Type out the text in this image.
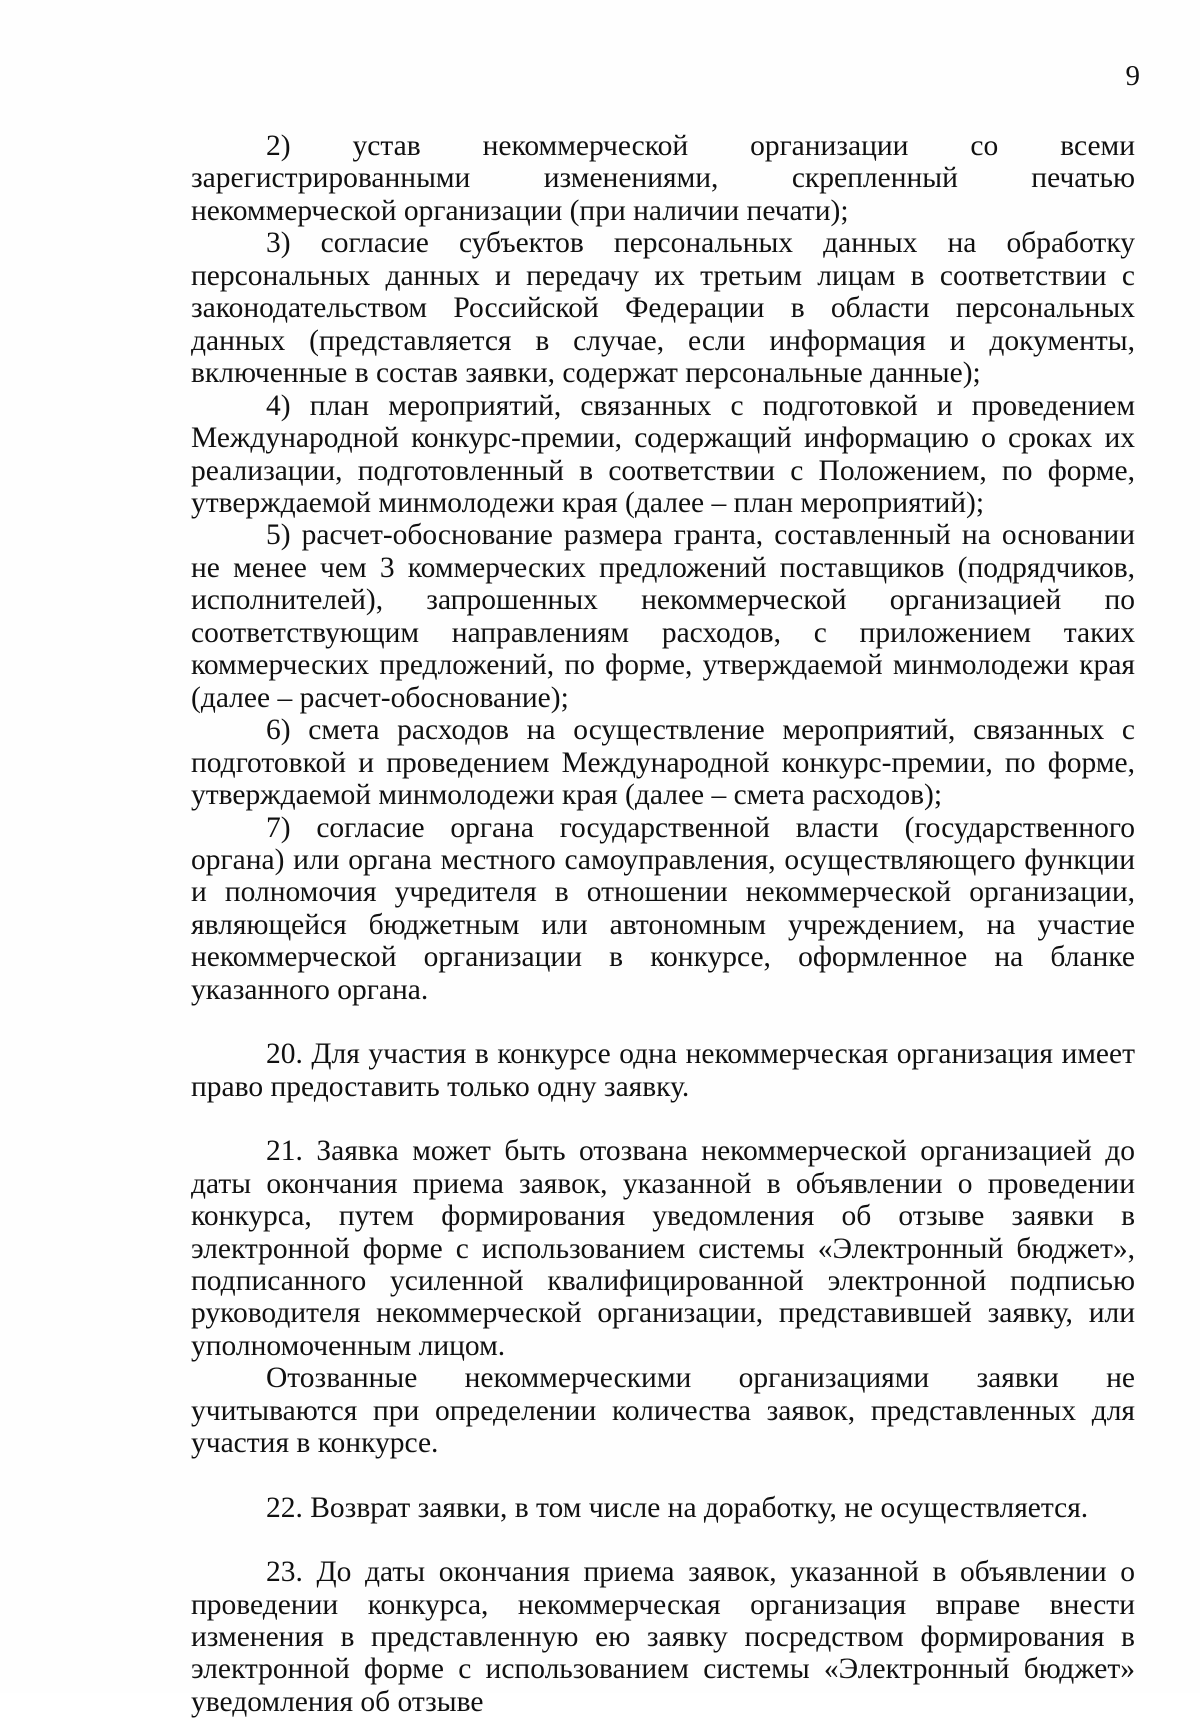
9

2) устав некоммерческой организации со всеми зарегистрированными изменениями, скрепленный печатью некоммерческой организации (при наличии печати);

3) согласие субъектов персональных данных на обработку персональных данных и передачу их третьим лицам в соответствии с законодательством Российской Федерации в области персональных данных (представляется в случае, если информация и документы, включенные в состав заявки, содержат персональные данные);

4) план мероприятий, связанных с подготовкой и проведением Международной конкурс-премии, содержащий информацию о сроках их реализации, подготовленный в соответствии с Положением, по форме, утверждаемой минмолодежи края (далее – план мероприятий);

5) расчет-обоснование размера гранта, составленный на основании не менее чем 3 коммерческих предложений поставщиков (подрядчиков, исполнителей), запрошенных некоммерческой организацией по соответствующим направлениям расходов, с приложением таких коммерческих предложений, по форме, утверждаемой минмолодежи края (далее – расчет-обоснование);

6) смета расходов на осуществление мероприятий, связанных с подготовкой и проведением Международной конкурс-премии, по форме, утверждаемой минмолодежи края (далее – смета расходов);

7) согласие органа государственной власти (государственного органа) или органа местного самоуправления, осуществляющего функции и полномочия учредителя в отношении некоммерческой организации, являющейся бюджетным или автономным учреждением, на участие некоммерческой организации в конкурсе, оформленное на бланке указанного органа.

20. Для участия в конкурсе одна некоммерческая организация имеет право предоставить только одну заявку.

21. Заявка может быть отозвана некоммерческой организацией до даты окончания приема заявок, указанной в объявлении о проведении конкурса, путем формирования уведомления об отзыве заявки в электронной форме с использованием системы «Электронный бюджет», подписанного усиленной квалифицированной электронной подписью руководителя некоммерческой организации, представившей заявку, или уполномоченным лицом.

Отозванные некоммерческими организациями заявки не учитываются при определении количества заявок, представленных для участия в конкурсе.

22. Возврат заявки, в том числе на доработку, не осуществляется.

23. До даты окончания приема заявок, указанной в объявлении о проведении конкурса, некоммерческая организация вправе внести изменения в представленную ею заявку посредством формирования в электронной форме с использованием системы «Электронный бюджет» уведомления об отзыве
